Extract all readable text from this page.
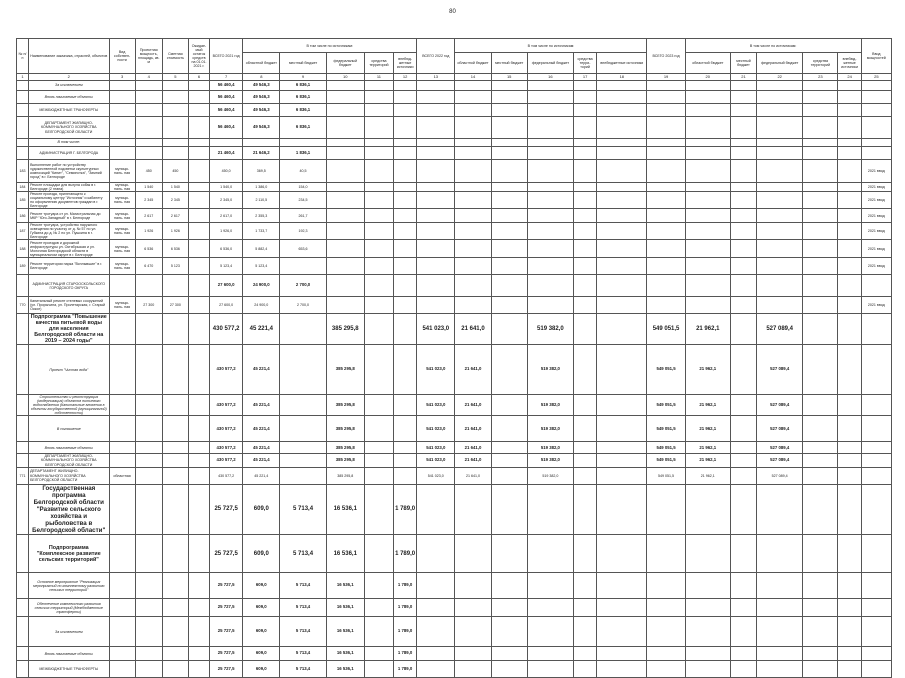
80
№ п/п	Наименование заказчика, отраслей, объектов	Вид собствен- ности	Проектная мощность, площадь, кв. м	Сметная стоимость	Ожидае- мый остаток средств на 01.01. 2021 г.	ВСЕГО 2021 год	В том числе по источникам:					ВСЕГО 2022 год	В том числе по источникам:					ВСЕГО 2023 год	В том числе по источникам:					Ввод мощностей
							областной бюджет	местный бюджет	федеральный бюджет	средства территорий	внебюд- жетные источники		областной бюджет	местный бюджет	федеральный бюджет	средства терри- торий	внебюджетные источники		областной бюджет	местный бюджет	федеральный бюджет	средства территорий	внебюд- жетные источники	
1	2	3	4	5	6	7	8	9	10	11	12	13	14	15	16	17	18	19	20	21	22	23	24	25
	За исключением					56 460,4	49 546,3	6 836,1																
	Вновь начинаемые объекты					56 460,4	49 546,3	6 836,1																
	МЕЖБЮДЖЕТНЫЕ ТРАНСФЕРТЫ					56 460,4	49 546,3	6 836,1																
	ДЕПАРТАМЕНТ ЖИЛИЩНО-КОММУНАЛЬНОГО ХОЗЯЙСТВА БЕЛГОРОДСКОЙ ОБЛАСТИ					56 460,4	49 546,3	6 836,1																
	В том числе:																							
	АДМИНИСТРАЦИЯ Г. БЕЛГОРОДА					21 460,4	21 646,2	1 836,1																
183	Выполнение работ по устройству художественной подсветки скульптурных композиций "Кипит", "Семинотка", "Зимний город" в г. Белгороде	муници- паль- ная	450	450		450,0	369,5	40,5																2021 ввод
184	Ремонт площадки для выгула собак в г. Белгороде (2 этапа)	муници- паль- ная	1 540	1 540		1 540,0	1 386,0	154,0																2021 ввод
185	Ремонт проезда, прилегающего к социальному центру "Источник" и кабинету по оформлению документов граждан в г. Белгороде	муници- паль- ная	2 345	2 345		2 345,0	2 110,5	234,5																2021 ввод
186	Ремонт тротуара от ул. Магистральная до МКР "Юго-Западный" в г. Белгороде	муници- паль- ная	2 617	2 617		2 617,0	2 355,3	261,7																2021 ввод
187	Ремонт тротуара, устройство наружного освещения по участку от д. № 57 по ул. Губкина до д. № 2 по ул. Пушкина в г. Белгороде	муници- паль- ная	1 926	1 926		1 926,0	1 733,7	192,3																2021 ввод
188	Ремонт проездов и дорожной инфраструктуры ул. Октябрьская и ул. Молочная Белгородской области в муниципальном округе в г. Белгороде	муници- паль- ная	6 536	6 536		6 536,0	5 882,4	653,6																2021 ввод
189	Ремонт территории парка "Всплывшие" в г. Белгороде	муници- паль- ная	6 470	5 123		5 123,4	5 123,4																	2021 ввод
	АДМИНИСТРАЦИЯ СТАРООСКОЛЬСКОГО ГОРОДСКОГО ОКРУГА					27 600,0	24 900,0	2 700,0																
770	Капитальный ремонт стелевых сооружений (ул. Прорычина, ул. Пролетарская, г. Старый Оскол)	муници- паль- ная	27 300	27 300		27 600,0	24 900,0	2 700,0																2021 ввод
	Подпрограмма "Повышение качества питьевой воды для населения Белгородской области на 2019 – 2024 годы"					430 577,2	45 221,4		385 295,8			541 023,0	21 641,0		519 382,0			549 051,5	21 962,1		527 089,4			
	Проект "Чистая вода"					430 577,2	45 221,4		385 295,8			541 023,0	21 641,0		519 382,0			549 051,5	21 962,1		527 089,4			
	Строительство и реконструкция (модернизация) объектов питьевого водоснабжения (Капитальные вложения в объекты государственной (муниципальной) собственности)					430 577,2	45 221,4		385 295,8			541 023,0	21 641,0		519 382,0			549 051,5	21 962,1		527 089,4			
	В соглашение					430 577,2	45 221,4		385 295,8			541 023,0	21 641,0		519 382,0			549 051,5	21 962,1		527 089,4			
	Вновь начинаемые объекты					430 577,2	45 221,4		385 295,8			541 023,0	21 641,0		519 382,0			549 051,5	21 962,1		527 089,4			
	ДЕПАРТАМЕНТ ЖИЛИЩНО-КОММУНАЛЬНОГО ХОЗЯЙСТВА БЕЛГОРОДСКОЙ ОБЛАСТИ					430 577,2	45 221,4		385 295,8			541 023,0	21 641,0		519 382,0			549 051,5	21 962,1		527 089,4			
771	ДЕПАРТАМЕНТ ЖИЛИЩНО-КОММУНАЛЬНОГО ХОЗЯЙСТВА БЕЛГОРОДСКОЙ ОБЛАСТИ	областная				430 577,2	45 221,4		385 295,8			541 023,0	21 641,0		519 382,0			549 051,5	21 962,1		527 089,4			
	Государственная программа Белгородской области "Развитие сельского хозяйства и рыболовства в Белгородской области"					25 727,5	609,0	5 713,4	16 536,1		1 789,0													
	Подпрограмма "Комплексное развитие сельских территорий"					25 727,5	609,0	5 713,4	16 536,1		1 789,0													
	Основное мероприятие "Реализация мероприятий по комплексному развитию сельских территорий"					25 727,5	609,0	5 713,4	16 536,1		1 789,0													
	Обеспечение комплексного развития сельских территорий (Межбюджетные трансферты)					25 727,5	609,0	5 713,4	16 536,1		1 789,0													
	За исключением					25 727,5	609,0	5 713,4	16 536,1		1 789,0													
	Вновь начинаемые объекты					25 727,5	609,0	5 713,4	16 536,1		1 789,0													
	МЕЖБЮДЖЕТНЫЕ ТРАНСФЕРТЫ					25 727,5	609,0	5 713,4	16 536,1		1 789,0													
